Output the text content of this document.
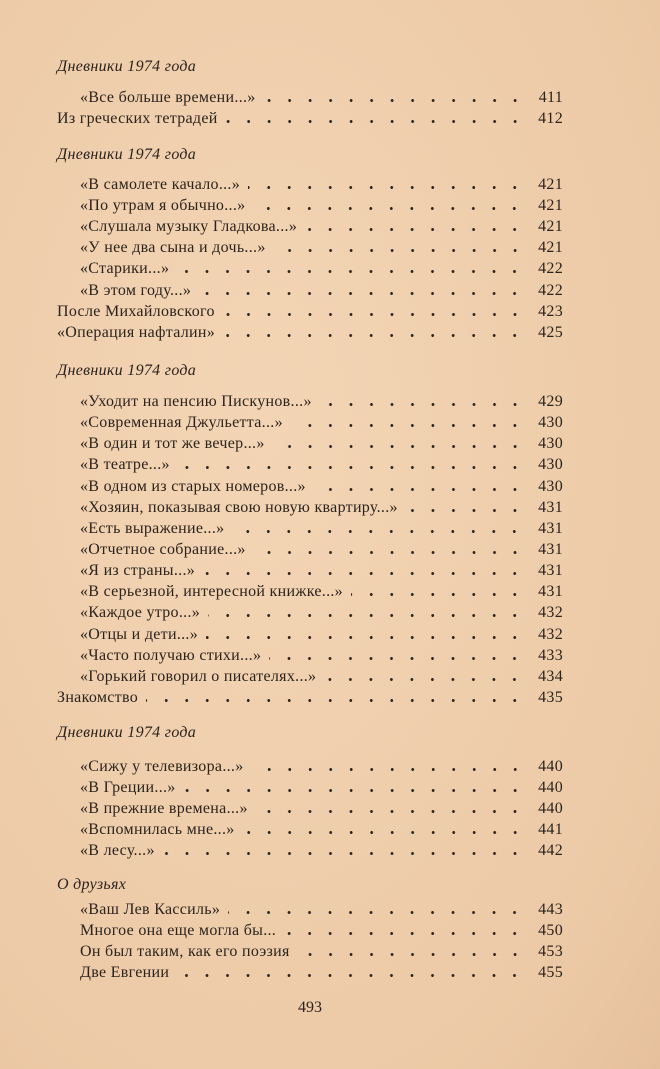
Дневники 1974 года
«Все больше времени...»	411
Из греческих тетрадей	412
Дневники 1974 года
«В самолете качало...»	421
«По утрам я обычно...»	421
«Слушала музыку Гладкова...»	421
«У нее два сына и дочь...»	421
«Старики...»	422
«В этом году...»	422
После Михайловского	423
«Операция нафталин»	425
Дневники 1974 года
«Уходит на пенсию Пискунов...»	429
«Современная Джульетта...»	430
«В один и тот же вечер...»	430
«В театре...»	430
«В одном из старых номеров...»	430
«Хозяин, показывая свою новую квартиру...»	431
«Есть выражение...»	431
«Отчетное собрание...»	431
«Я из страны...»	431
«В серьезной, интересной книжке...»	431
«Каждое утро...»	432
«Отцы и дети...»	432
«Часто получаю стихи...»	433
«Горький говорил о писателях...»	434
Знакомство	435
Дневники 1974 года
«Сижу у телевизора...»	440
«В Греции...»	440
«В прежние времена...»	440
«Вспомнилась мне...»	441
«В лесу...»	442
О друзьях
«Ваш Лев Кассиль»	443
Многое она еще могла бы...	450
Он был таким, как его поэзия	453
Две Евгении	455
493
